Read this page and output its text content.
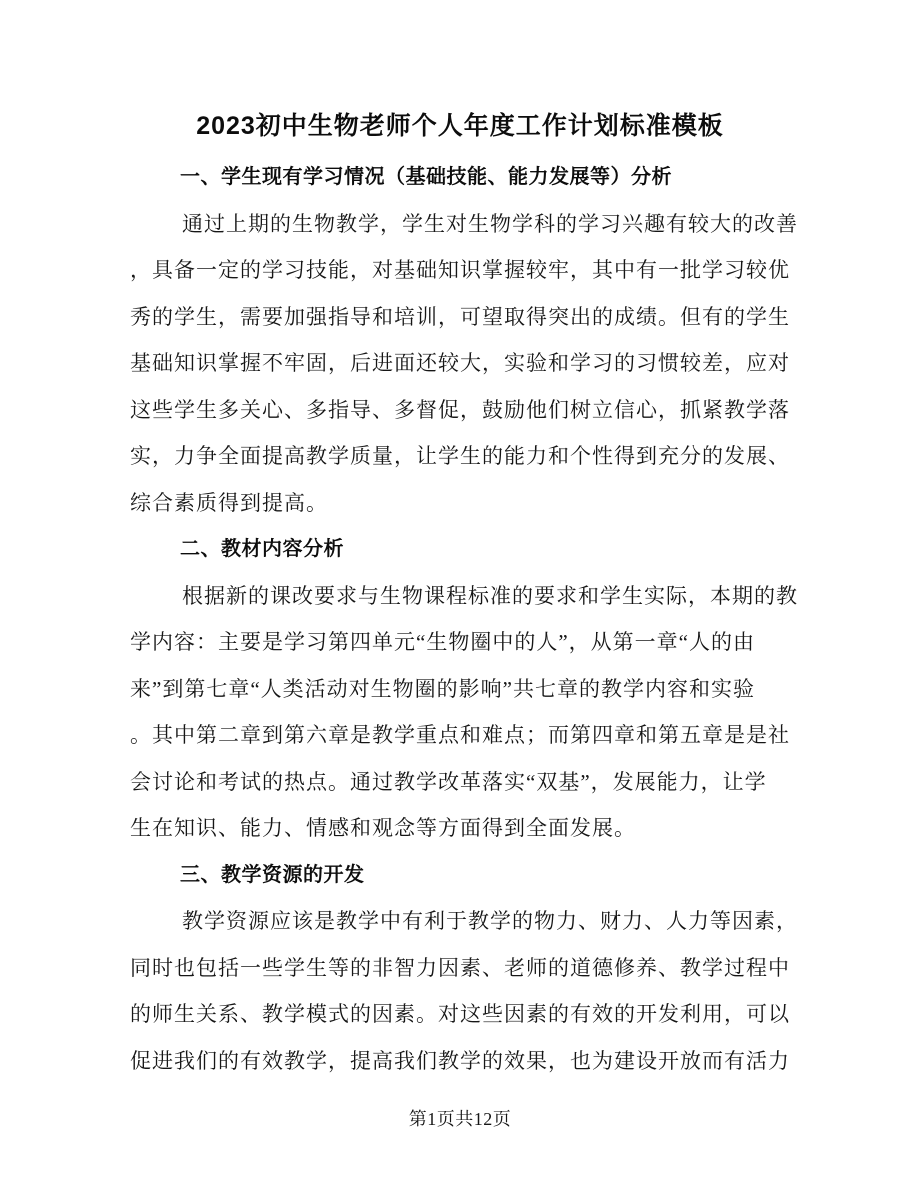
2023初中生物老师个人年度工作计划标准模板
一、学生现有学习情况（基础技能、能力发展等）分析
通过上期的生物教学，学生对生物学科的学习兴趣有较大的改善
，具备一定的学习技能，对基础知识掌握较牢，其中有一批学习较优
秀的学生，需要加强指导和培训，可望取得突出的成绩。但有的学生
基础知识掌握不牢固，后进面还较大，实验和学习的习惯较差，应对
这些学生多关心、多指导、多督促，鼓励他们树立信心，抓紧教学落
实，力争全面提高教学质量，让学生的能力和个性得到充分的发展、
综合素质得到提高。
二、教材内容分析
根据新的课改要求与生物课程标准的要求和学生实际，本期的教
学内容：主要是学习第四单元“生物圈中的人”，从第一章“人的由
来”到第七章“人类活动对生物圈的影响”共七章的教学内容和实验
。其中第二章到第六章是教学重点和难点；而第四章和第五章是是社
会讨论和考试的热点。通过教学改革落实“双基”，发展能力，让学
生在知识、能力、情感和观念等方面得到全面发展。
三、教学资源的开发
教学资源应该是教学中有利于教学的物力、财力、人力等因素，
同时也包括一些学生等的非智力因素、老师的道德修养、教学过程中
的师生关系、教学模式的因素。对这些因素的有效的开发利用，可以
促进我们的有效教学，提高我们教学的效果，也为建设开放而有活力
第1页共12页
